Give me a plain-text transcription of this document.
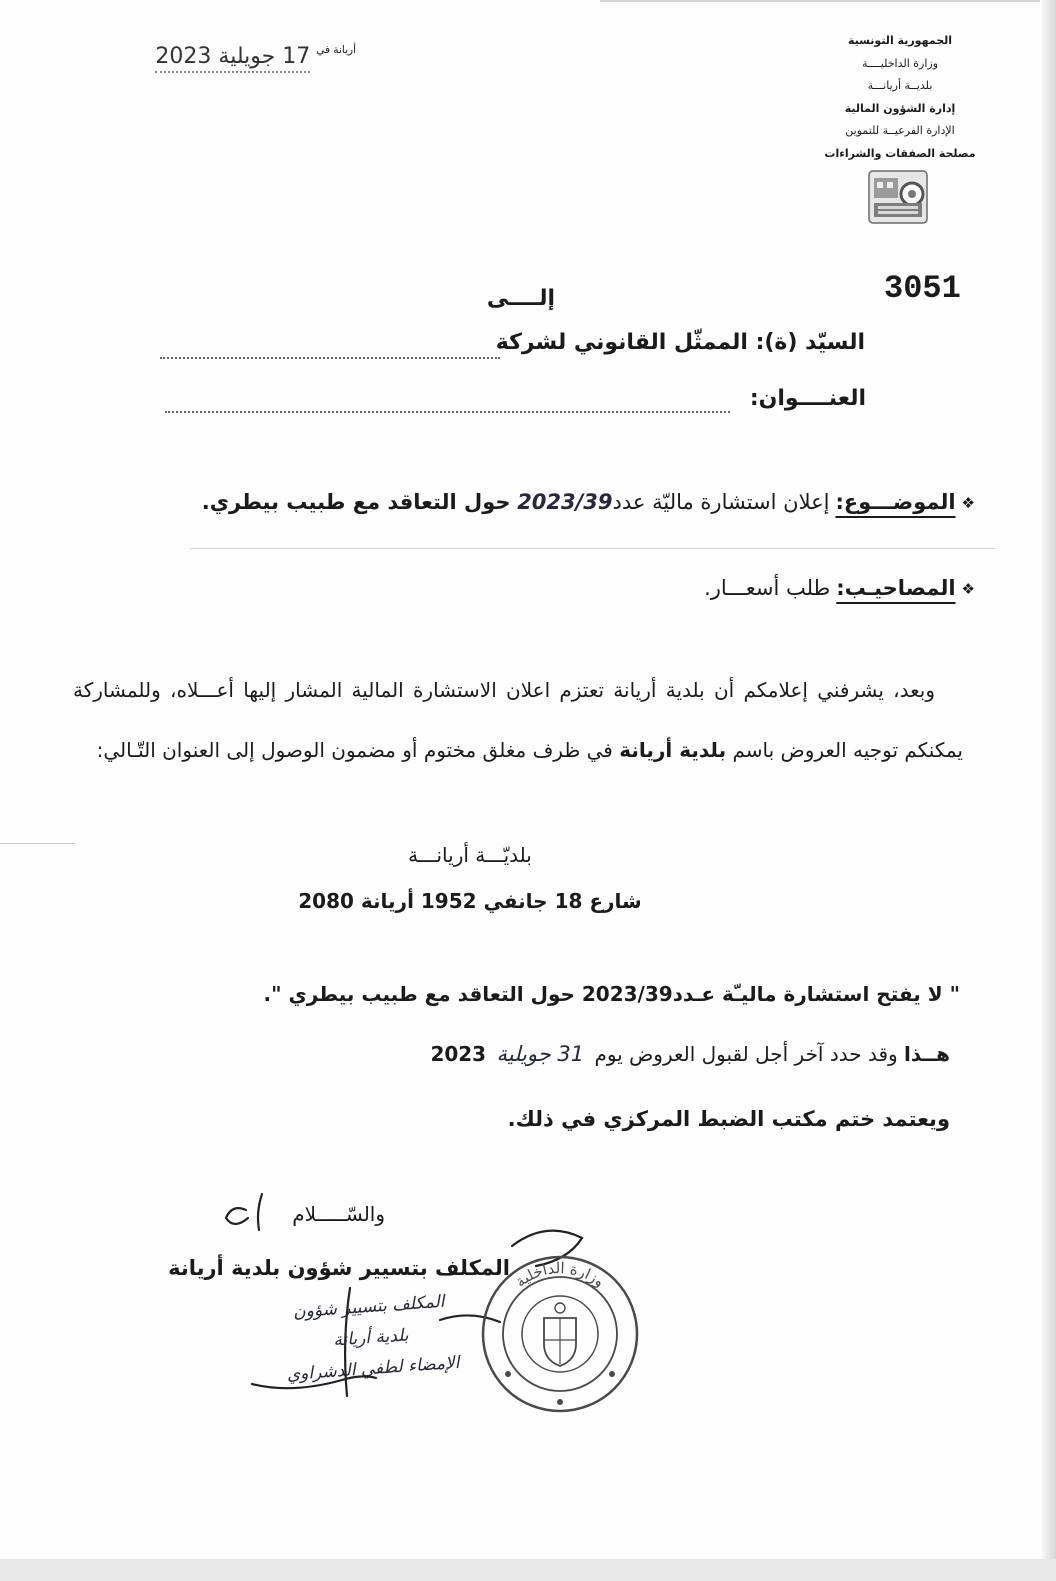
الجمهورية التونسية
وزارة الداخليــــة
بلديــة أريانـــة
إدارة الشؤون المالية
الإدارة الفرعيــة للتموين
مصلحة الصفقات والشراءات
$^{أريانة في}$17 جويلية 2023
3051
إلــــى
السيّد (ة): الممثّل القانوني لشركة
العنــــوان:
❖الموضـــوع:إعلان استشارة ماليّة عدد2023/39 حول التعاقد مع طبيب بيطري.
❖المصاحيـب:طلب أسعـــار.

وبعد، يشرفني إعلامكم أن بلدية أريانة تعتزم اعلان الاستشارة المالية المشار إليها أعـــلاه، وللمشاركة يمكنكم توجيه العروض باسم بلدية أريانة في ظرف مغلق مختوم أو مضمون الوصول إلى العنوان التّـالي:

بلديّـــة أريانـــة
شارع 18 جانفي 1952 أريانة 2080
" لا يفتح استشارة ماليـّة عـدد2023/39 حول التعاقد مع طبيب بيطري ".
هــذا وقد حدد آخر أجل لقبول العروض يوم 31 جويلية 2023
ويعتمد ختم مكتب الضبط المركزي في ذلك.
والسّـــــلام
المكلف بتسيير شؤون بلدية أريانة
المكلف بتسيير شؤون
بلدية أريانة
الإمضاء لطفي الدشراوي
وزارة الداخلية
